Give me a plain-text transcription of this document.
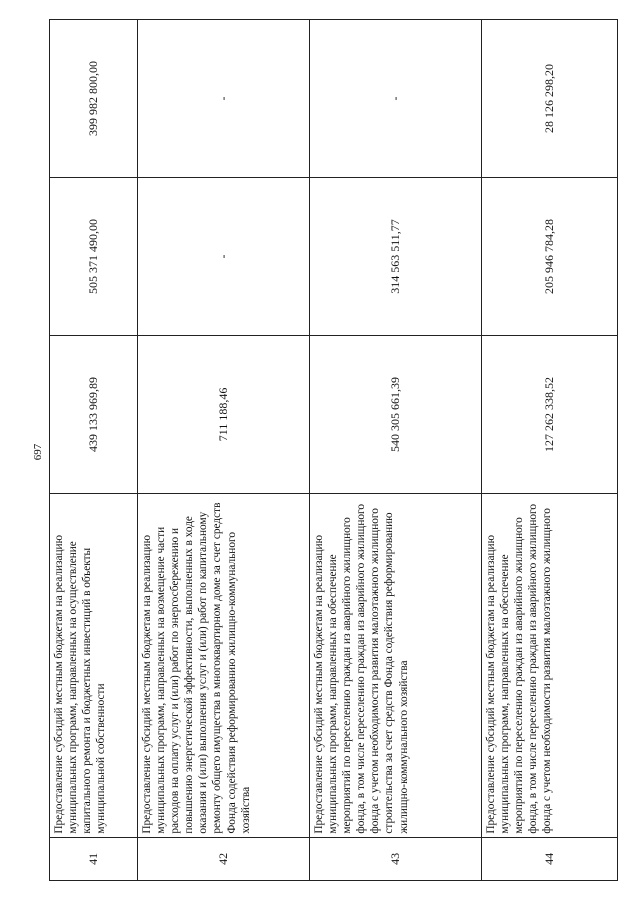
697
41	Предоставление субсидий местным бюджетам на реализацию муниципальных программ, направленных на осуществление капитального ремонта и бюджетных инвестиций в объекты муниципальной собственности	439 133 969,89	505 371 490,00	399 982 800,00
42	Предоставление субсидий местным бюджетам на реализацию муниципальных программ, направленных на возмещение части расходов на оплату услуг и (или) работ по энергосбережению и повышению энергетической эффективности, выполненных в ходе оказания и (или) выполнения услуг и (или) работ по капитальному ремонту общего имущества в многоквартирном доме за счет средств Фонда содействия реформированию жилищно-коммунального хозяйства	711 188,46	-	-
43	Предоставление субсидий местным бюджетам на реализацию муниципальных программ, направленных на обеспечение мероприятий по переселению граждан из аварийного жилищного фонда, в том числе переселению граждан из аварийного жилищного фонда с учетом необходимости развития малоэтажного жилищного строительства за счет средств Фонда содействия реформированию жилищно-коммунального хозяйства	540 305 661,39	314 563 511,77	-
44	Предоставление субсидий местным бюджетам на реализацию муниципальных программ, направленных на обеспечение мероприятий по переселению граждан из аварийного жилищного фонда, в том числе переселению граждан из аварийного жилищного фонда с учетом необходимости развития малоэтажного жилищного	127 262 338,52	205 946 784,28	28 126 298,20
